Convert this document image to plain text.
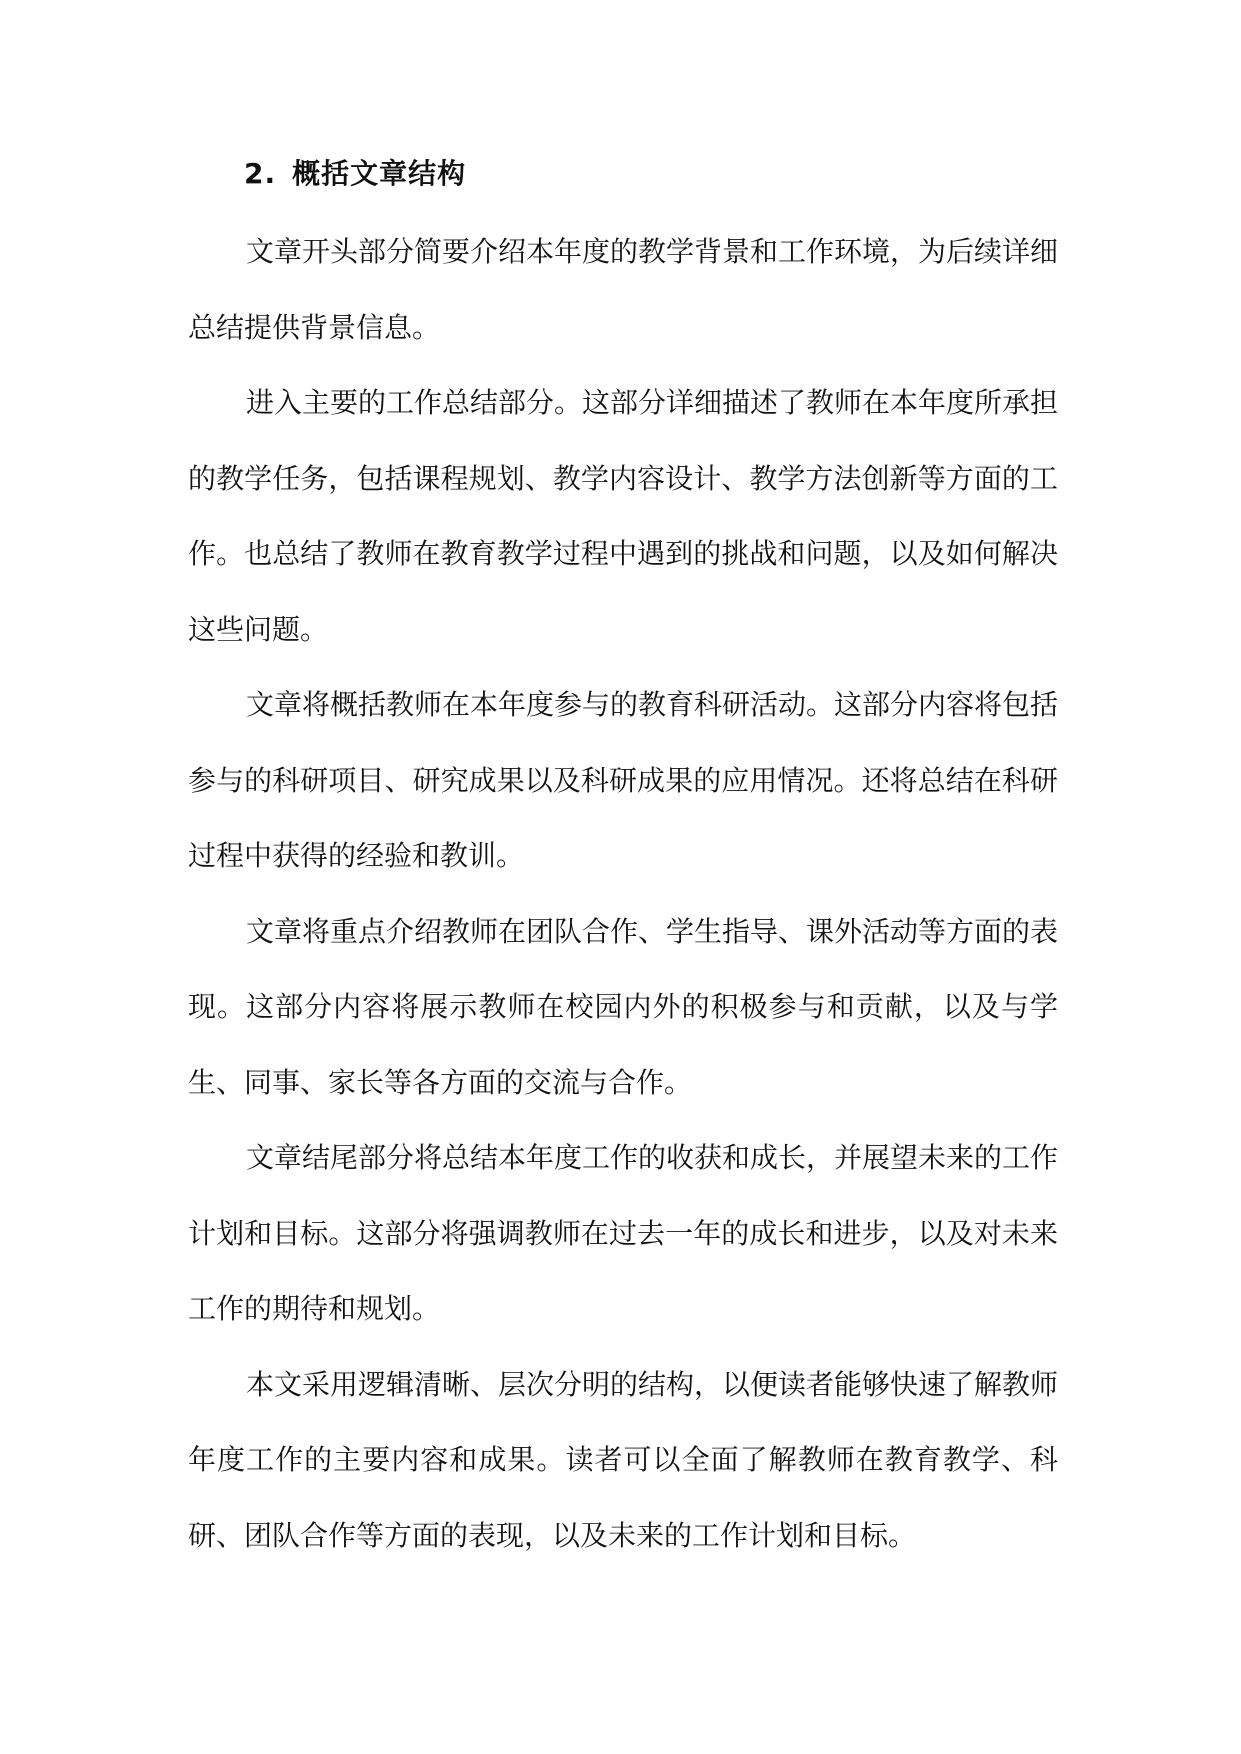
2. 概括文章结构

文章开头部分简要介绍本年度的教学背景和工作环境，为后续详细总结提供背景信息。

进入主要的工作总结部分。这部分详细描述了教师在本年度所承担的教学任务，包括课程规划、教学内容设计、教学方法创新等方面的工作。也总结了教师在教育教学过程中遇到的挑战和问题，以及如何解决这些问题。

文章将概括教师在本年度参与的教育科研活动。这部分内容将包括参与的科研项目、研究成果以及科研成果的应用情况。还将总结在科研过程中获得的经验和教训。

文章将重点介绍教师在团队合作、学生指导、课外活动等方面的表现。这部分内容将展示教师在校园内外的积极参与和贡献，以及与学生、同事、家长等各方面的交流与合作。

文章结尾部分将总结本年度工作的收获和成长，并展望未来的工作计划和目标。这部分将强调教师在过去一年的成长和进步，以及对未来工作的期待和规划。

本文采用逻辑清晰、层次分明的结构，以便读者能够快速了解教师年度工作的主要内容和成果。读者可以全面了解教师在教育教学、科研、团队合作等方面的表现，以及未来的工作计划和目标。
